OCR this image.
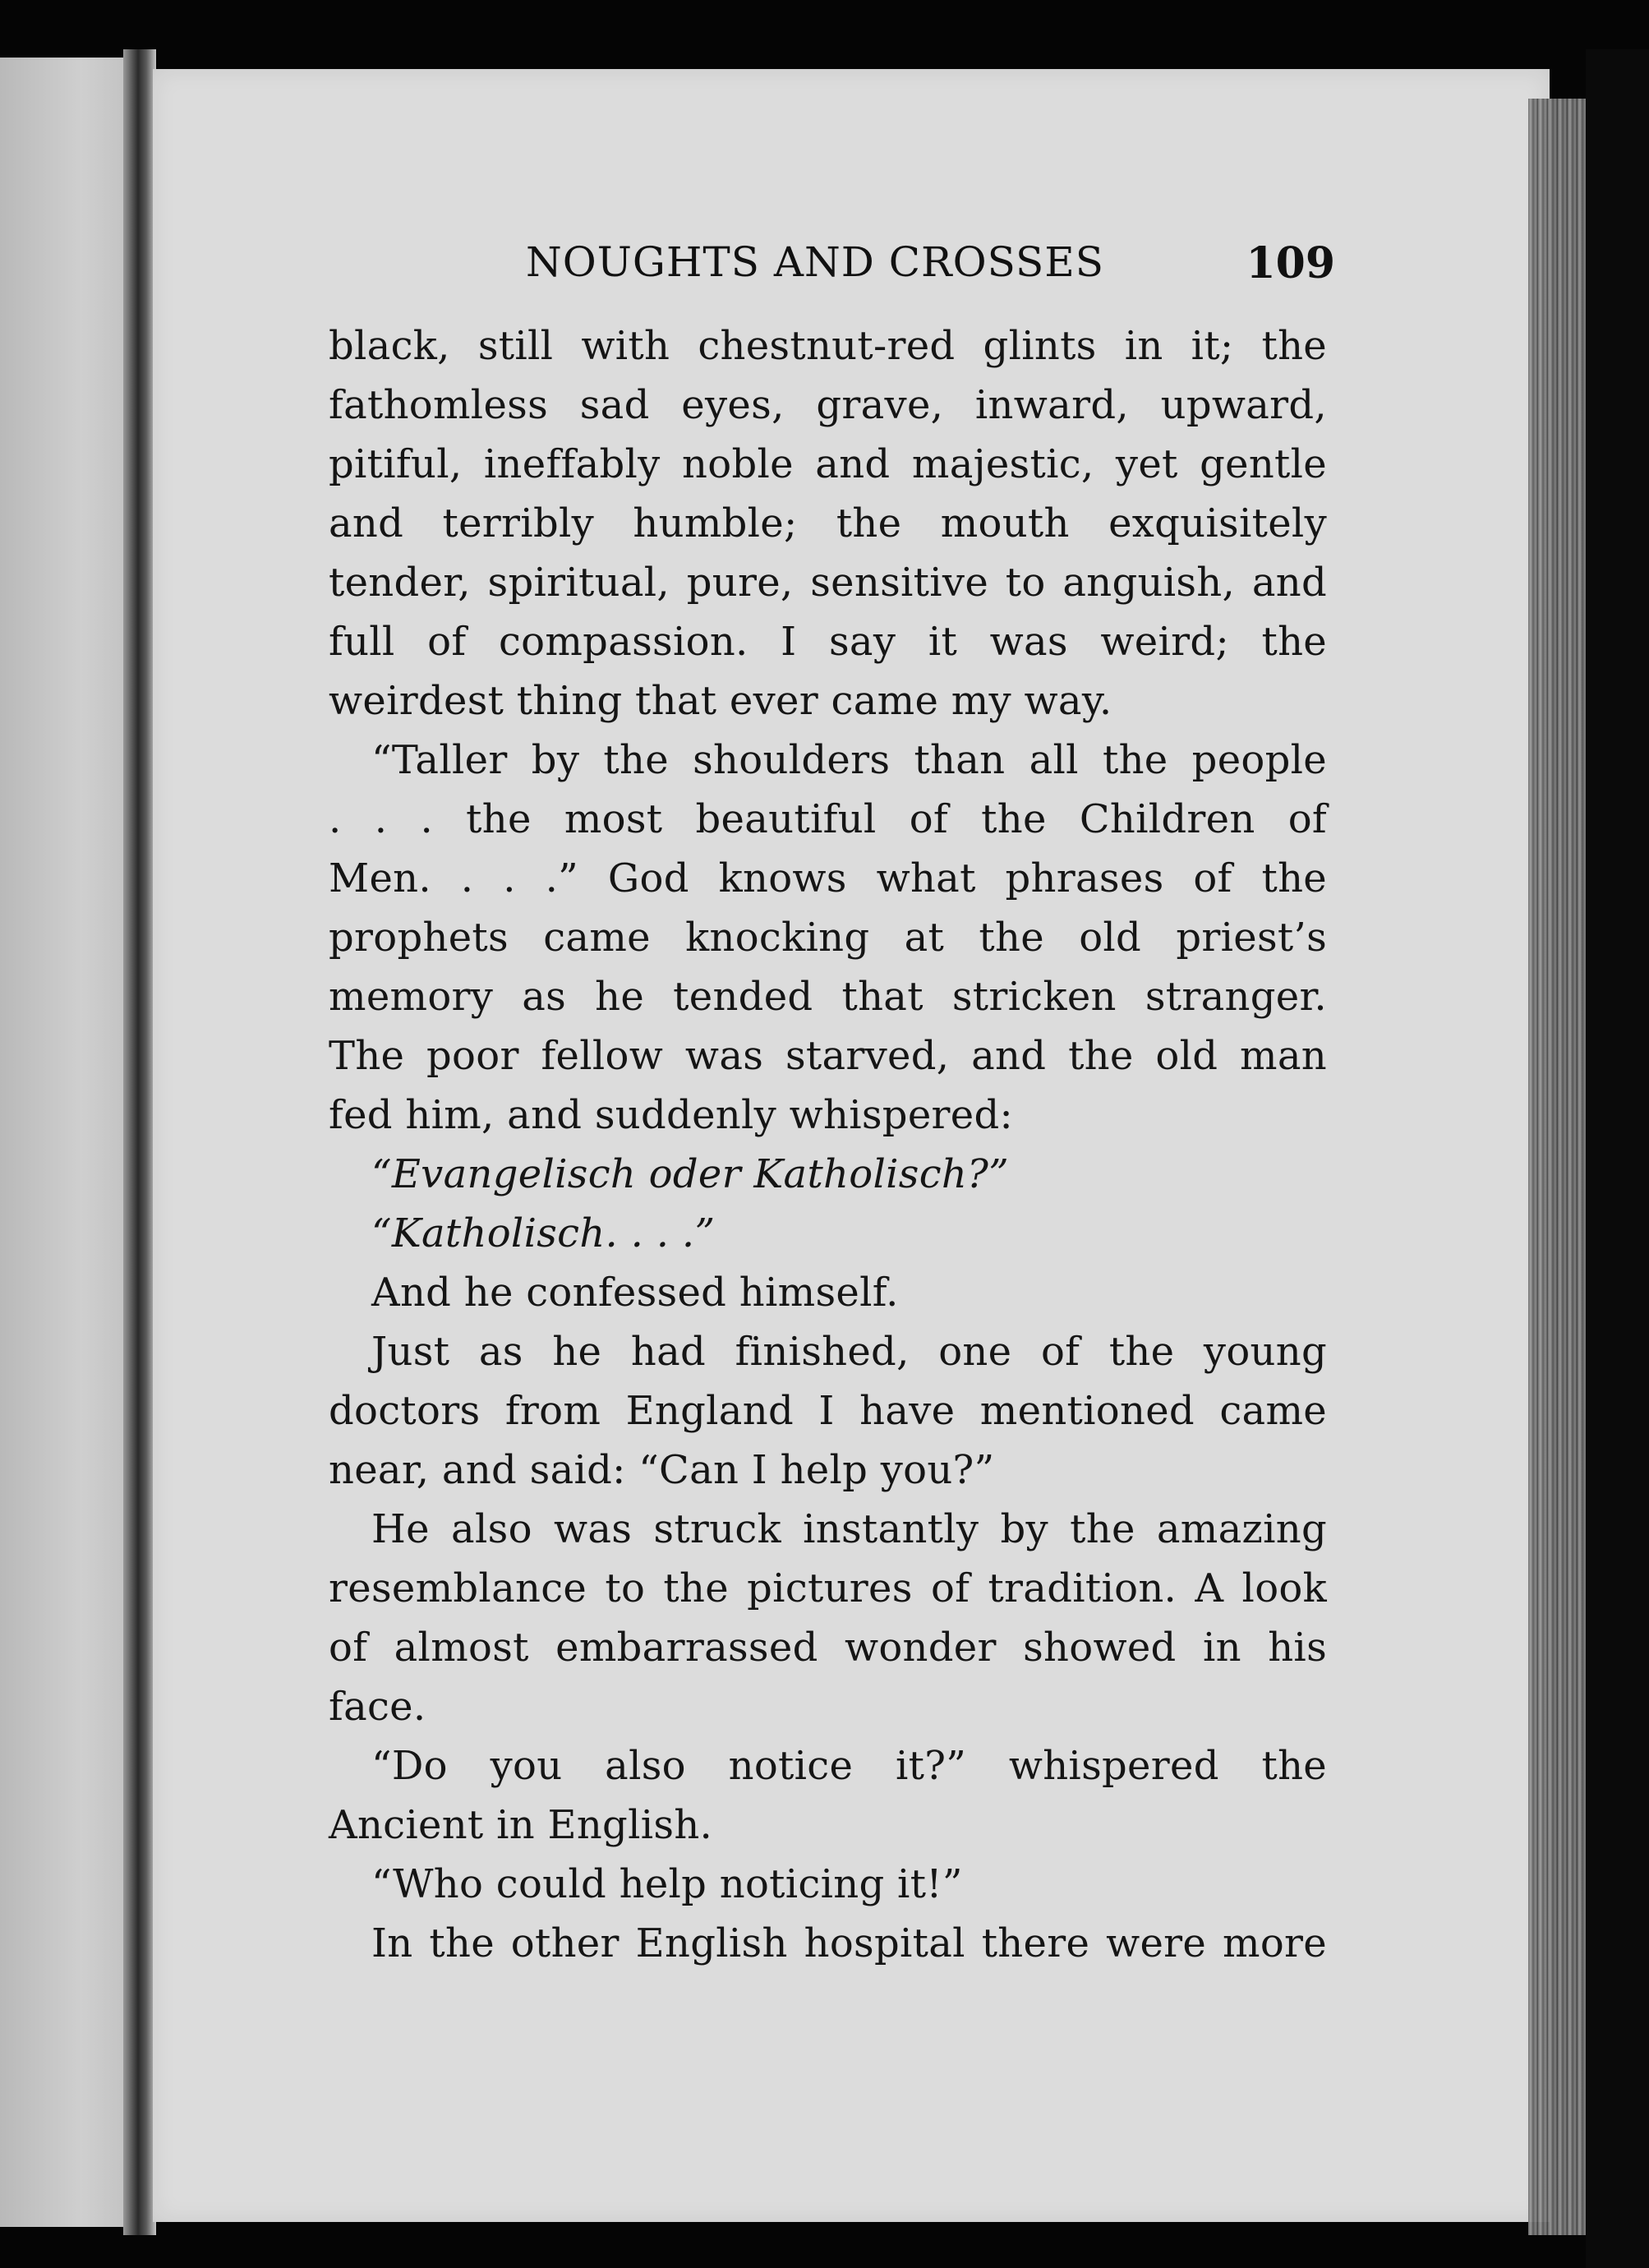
NOUGHTS AND CROSSES	109
black, still with chestnut-red glints in it; the
fathomless sad eyes, grave, inward, upward,
pitiful, ineffably noble and majestic, yet gentle
and terribly humble; the mouth exquisitely
tender, spiritual, pure, sensitive to anguish, and
full of compassion. I say it was weird; the
weirdest thing that ever came my way.
“Taller by the shoulders than all the people
. . . the most beautiful of the Children of
Men. . . .” God knows what phrases of the
prophets came knocking at the old priest’s
memory as he tended that stricken stranger.
The poor fellow was starved, and the old man
fed him, and suddenly whispered:
“Evangelisch oder Katholisch?”
“Katholisch. . . .”
And he confessed himself.
Just as he had finished, one of the young
doctors from England I have mentioned came
near, and said: “Can I help you?”
He also was struck instantly by the amazing
resemblance to the pictures of tradition. A look
of almost embarrassed wonder showed in his
face.
“Do you also notice it?” whispered the
Ancient in English.
“Who could help noticing it!”
In the other English hospital there were more
